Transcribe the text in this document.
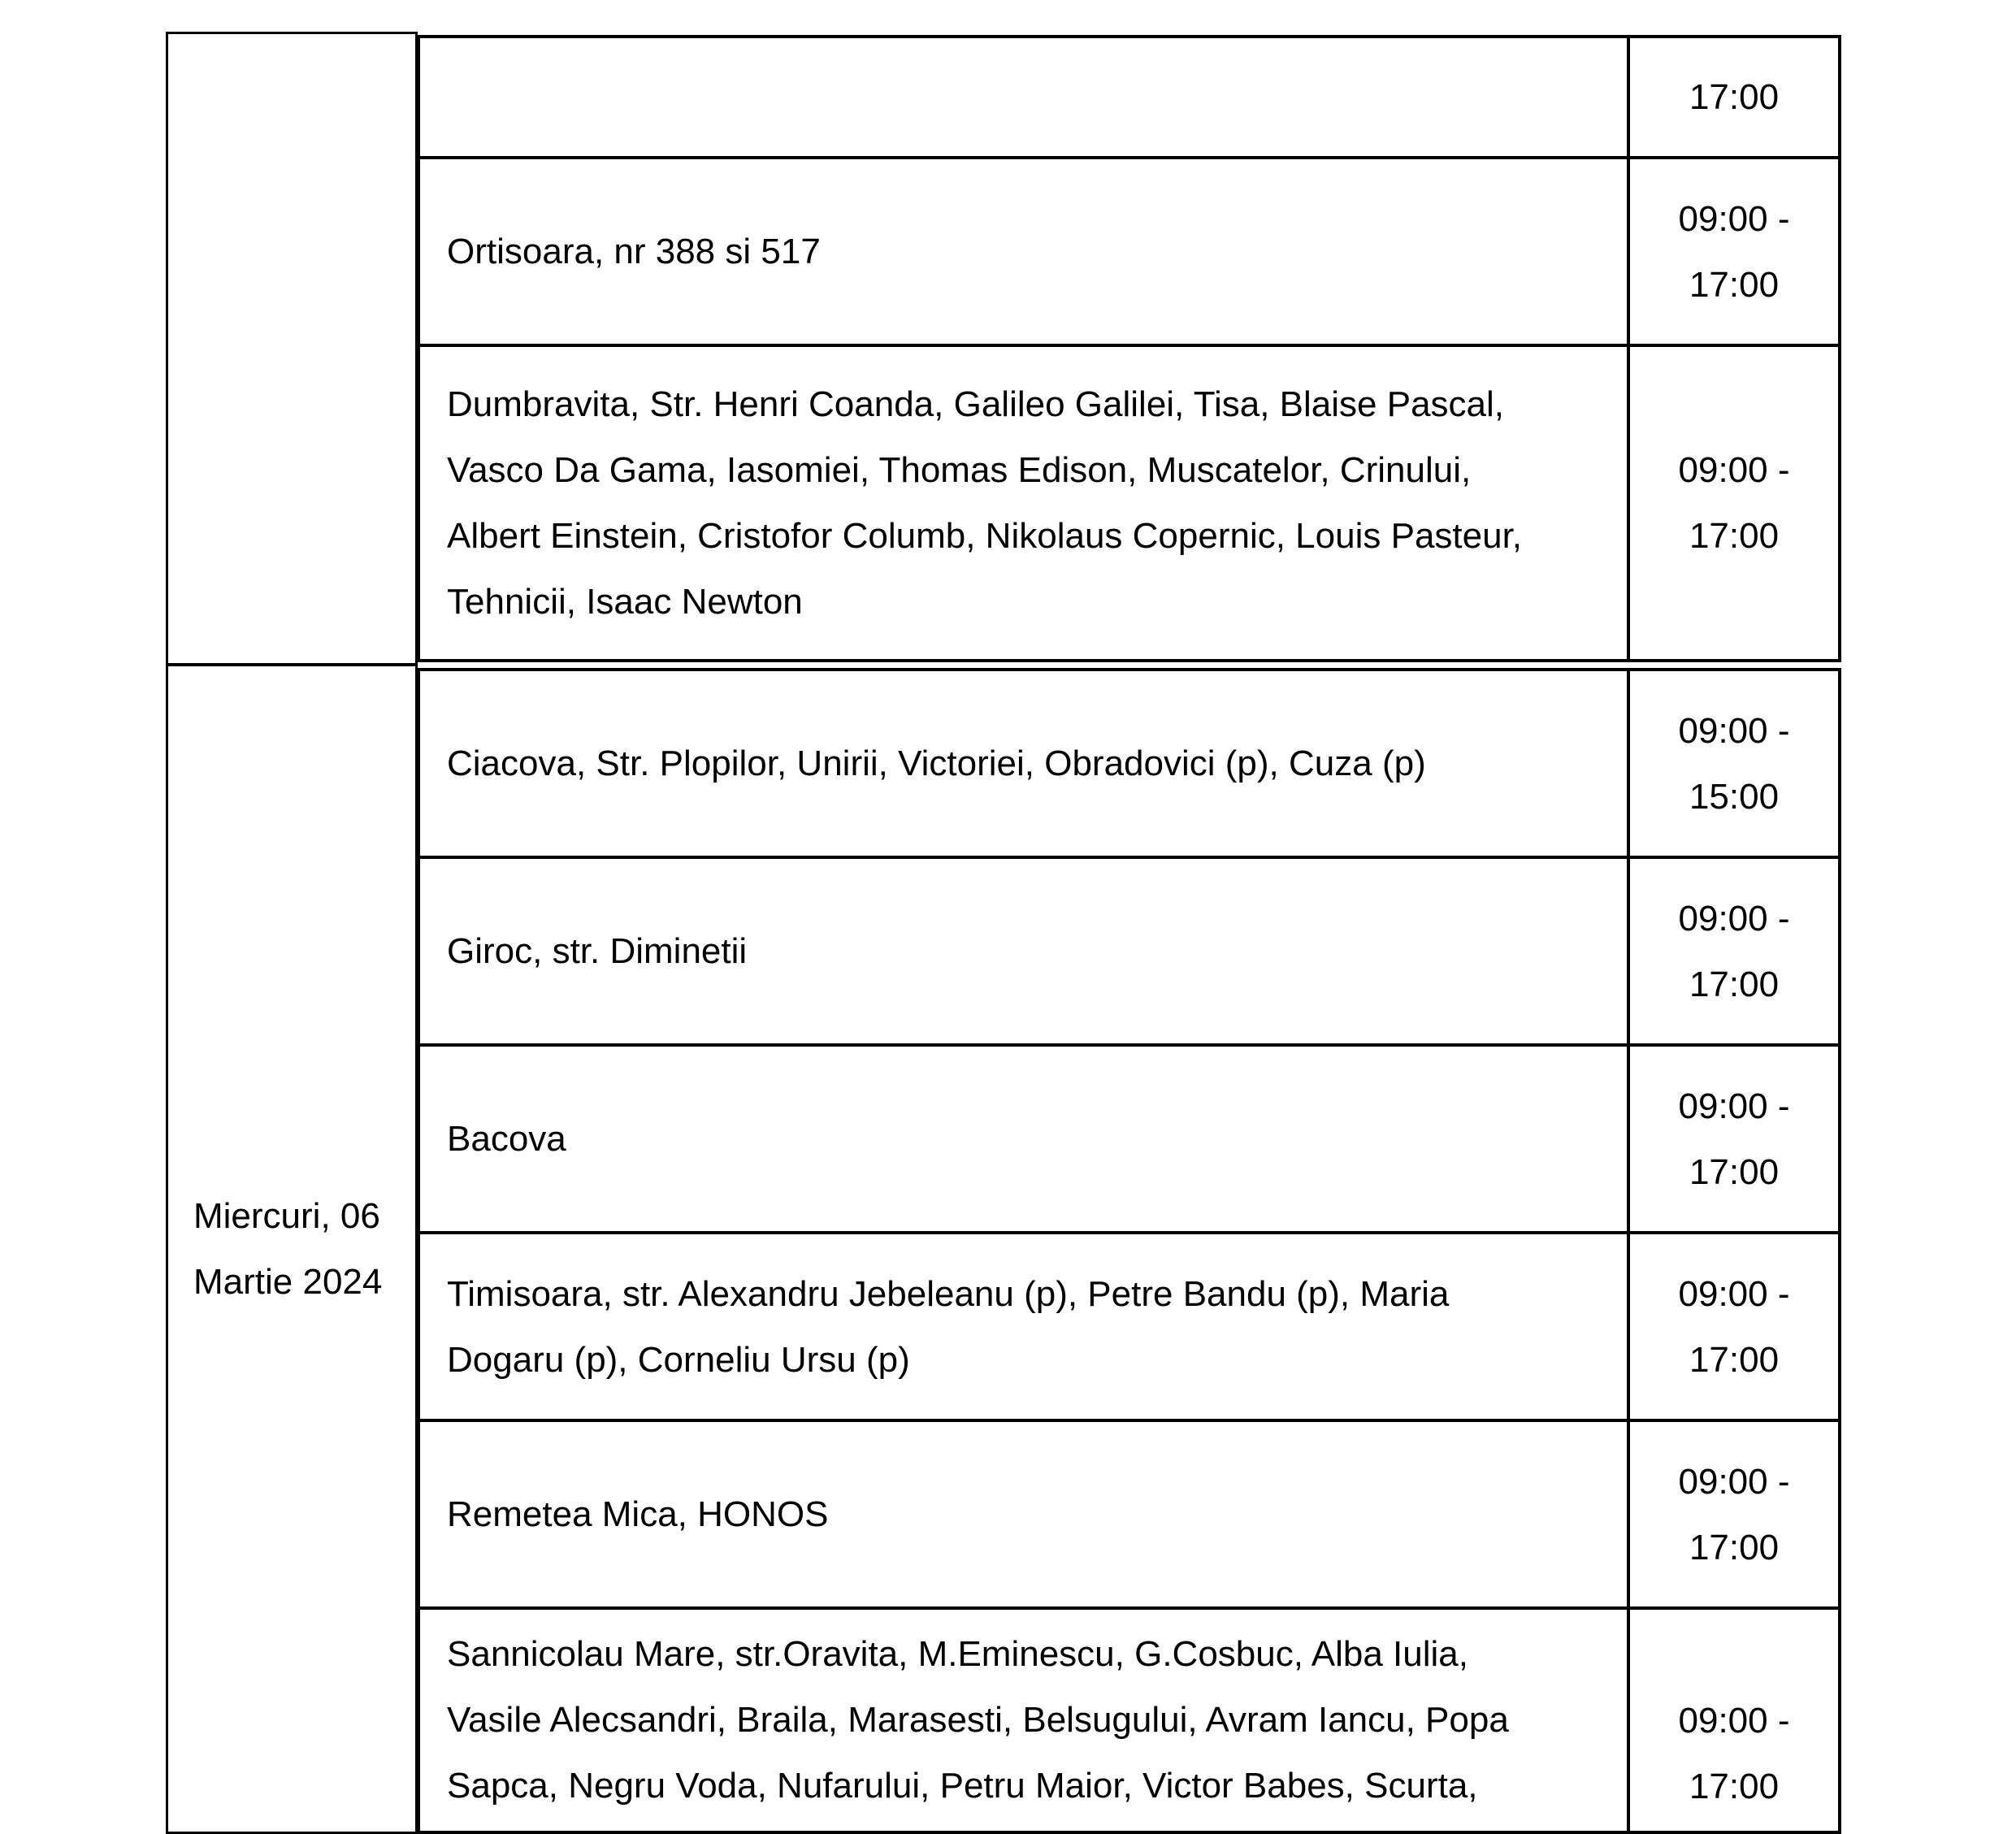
Miercuri, 06
Martie 2024
17:00
Ortisoara, nr 388 si 517
09:00 -
17:00
Dumbravita, Str. Henri Coanda, Galileo Galilei, Tisa, Blaise Pascal,
Vasco Da Gama, Iasomiei, Thomas Edison, Muscatelor, Crinului,
Albert Einstein, Cristofor Columb, Nikolaus Copernic, Louis Pasteur,
Tehnicii, Isaac Newton
09:00 -
17:00
Ciacova, Str. Plopilor, Unirii, Victoriei, Obradovici (p), Cuza (p)
09:00 -
15:00
Giroc, str. Diminetii
09:00 -
17:00
Bacova
09:00 -
17:00
Timisoara, str. Alexandru Jebeleanu (p), Petre Bandu (p), Maria
Dogaru (p), Corneliu Ursu (p)
09:00 -
17:00
Remetea Mica, HONOS
09:00 -
17:00
Sannicolau Mare, str.Oravita, M.Eminescu, G.Cosbuc, Alba Iulia,
Vasile Alecsandri, Braila, Marasesti, Belsugului, Avram Iancu, Popa
Sapca, Negru Voda, Nufarului, Petru Maior, Victor Babes, Scurta,
09:00 -
17:00
